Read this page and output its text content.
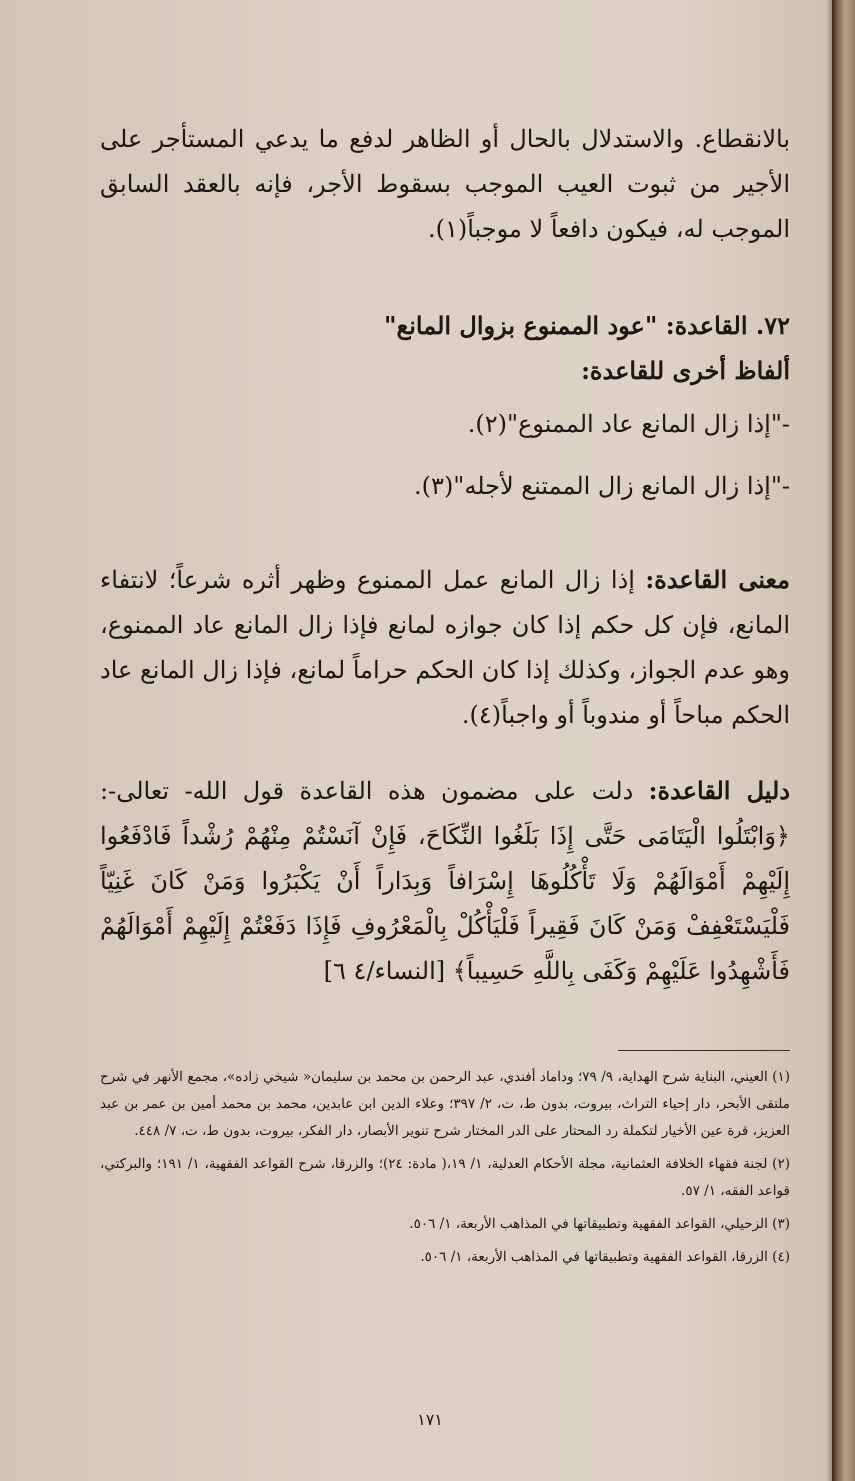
بالانقطاع. والاستدلال بالحال أو الظاهر لدفع ما يدعي المستأجر على الأجير من ثبوت العيب الموجب بسقوط الأجر، فإنه بالعقد السابق الموجب له، فيكون دافعاً لا موجباً(١).

٧٢. القاعدة: "عود الممنوع بزوال المانع"
ألفاظ أخرى للقاعدة:
-"إذا زال المانع عاد الممنوع"(٢).
-"إذا زال المانع زال الممتنع لأجله"(٣).

معنى القاعدة: إذا زال المانع عمل الممنوع وظهر أثره شرعاً؛ لانتفاء المانع، فإن كل حكم إذا كان جوازه لمانع فإذا زال المانع عاد الممنوع، وهو عدم الجواز، وكذلك إذا كان الحكم حراماً لمانع، فإذا زال المانع عاد الحكم مباحاً أو مندوباً أو واجباً(٤).

دليل القاعدة: دلت على مضمون هذه القاعدة قول الله- تعالى-: ﴿وَابْتَلُوا الْيَتَامَى حَتَّى إِذَا بَلَغُوا النِّكَاحَ، فَإِنْ آنَسْتُمْ مِنْهُمْ رُشْداً فَادْفَعُوا إِلَيْهِمْ أَمْوَالَهُمْ وَلَا تَأْكُلُوهَا إِسْرَافاً وَبِدَاراً أَنْ يَكْبَرُوا وَمَنْ كَانَ غَنِيّاً فَلْيَسْتَعْفِفْ وَمَنْ كَانَ فَقِيراً فَلْيَأْكُلْ بِالْمَعْرُوفِ فَإِذَا دَفَعْتُمْ إِلَيْهِمْ أَمْوَالَهُمْ فَأَشْهِدُوا عَلَيْهِمْ وَكَفَى بِاللَّهِ حَسِيباً﴾ [النساء/٤ ٦]

(١) العيني، البناية شرح الهداية، ٩/ ٧٩؛ وداماد أفندي، عبد الرحمن بن محمد بن سليمان« شيخي زاده»، مجمع الأنهر في شرح ملتقى الأبحر، دار إحياء التراث، بيروت، بدون ط، ت، ٢/ ٣٩٧؛ وعلاء الدين ابن عابدين، محمد بن محمد أمين بن عمر بن عبد العزيز، قرة عين الأخيار لتكملة رد المحتار على الدر المختار شرح تنوير الأبصار، دار الفكر، بيروت، بدون ط، ت، ٧/ ٤٤٨.

(٢) لجنة فقهاء الخلافة العثمانية، مجلة الأحكام العدلية، ١/ ١٩،( مادة: ٢٤)؛ والزرقا، شرح القواعد الفقهية، ١/ ١٩١؛ والبركتي، قواعد الفقه، ١/ ٥٧.

(٣) الزحيلي، القواعد الفقهية وتطبيقاتها في المذاهب الأربعة، ١/ ٥٠٦.

(٤) الزرقا، القواعد الفقهية وتطبيقاتها في المذاهب الأربعة، ١/ ٥٠٦.

١٧١
